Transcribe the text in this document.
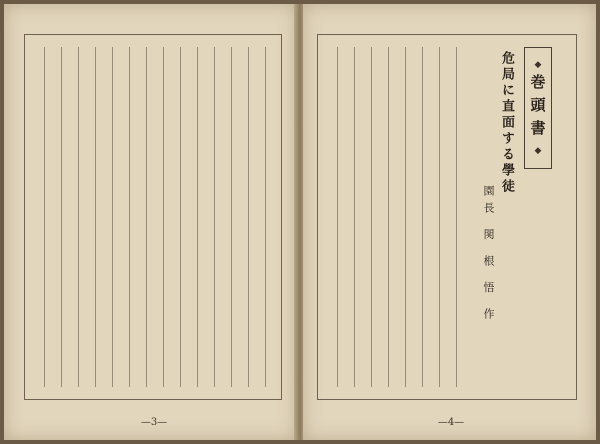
—3—
◆
巻頭書
◆
危局に直面する學徒
園長 関 根 悟 作
—4—
